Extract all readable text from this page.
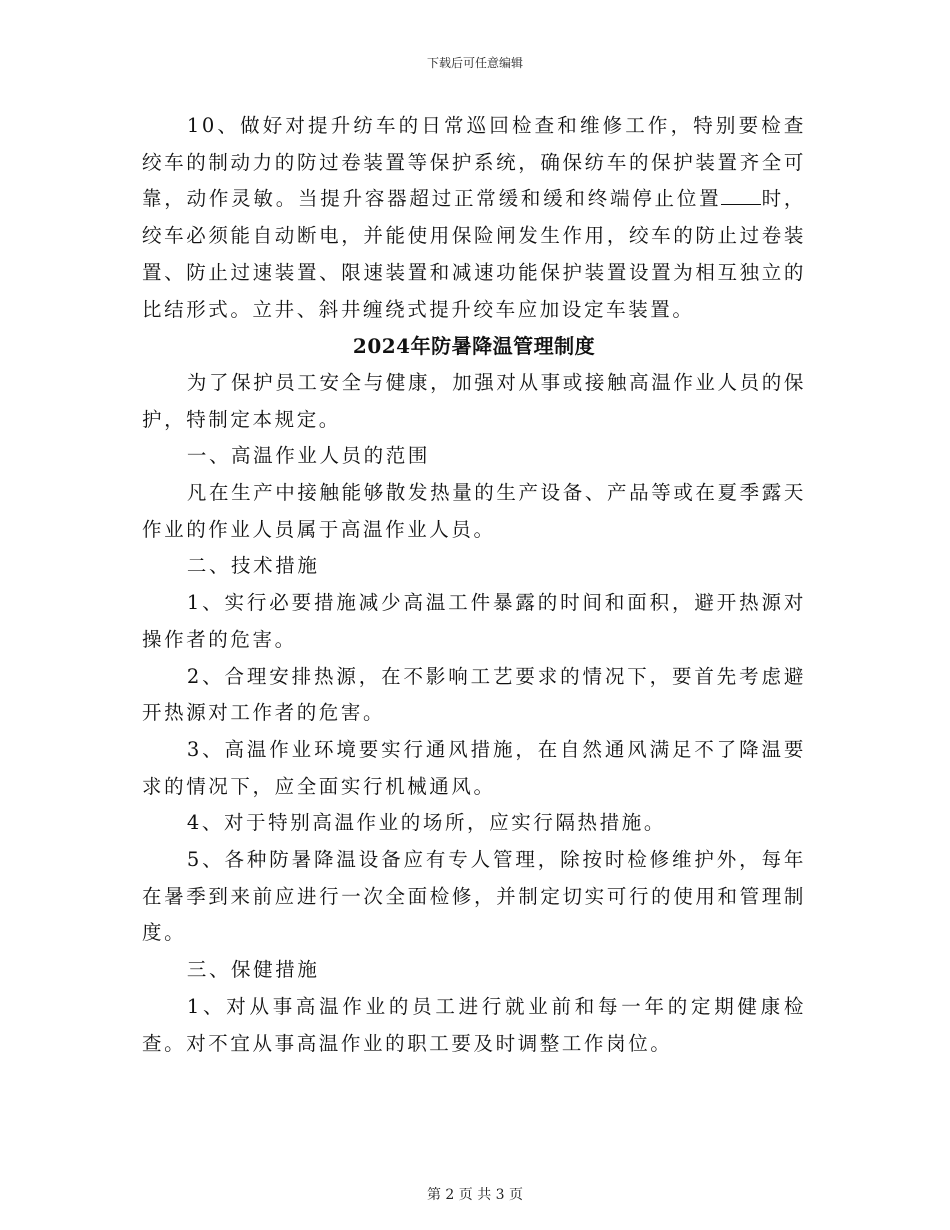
下载后可任意编辑

10、做好对提升纺车的日常巡回检查和维修工作，特别要检查绞车的制动力的防过卷装置等保护系统，确保纺车的保护装置齐全可靠，动作灵敏。当提升容器超过正常缓和缓和终端停止位置 时，绞车必须能自动断电，并能使用保险闸发生作用，绞车的防止过卷装置、防止过速装置、限速装置和减速功能保护装置设置为相互独立的比结形式。立井、斜井缠绕式提升绞车应加设定车装置。

2024年防暑降温管理制度

为了保护员工安全与健康，加强对从事或接触高温作业人员的保护，特制定本规定。

一、高温作业人员的范围

凡在生产中接触能够散发热量的生产设备、产品等或在夏季露天作业的作业人员属于高温作业人员。

二、技术措施

1、实行必要措施减少高温工件暴露的时间和面积，避开热源对操作者的危害。

2、合理安排热源，在不影响工艺要求的情况下，要首先考虑避开热源对工作者的危害。

3、高温作业环境要实行通风措施，在自然通风满足不了降温要求的情况下，应全面实行机械通风。

4、对于特别高温作业的场所，应实行隔热措施。

5、各种防暑降温设备应有专人管理，除按时检修维护外，每年在暑季到来前应进行一次全面检修，并制定切实可行的使用和管理制度。

三、保健措施

1、对从事高温作业的员工进行就业前和每一年的定期健康检查。对不宜从事高温作业的职工要及时调整工作岗位。

第 2 页 共 3 页
